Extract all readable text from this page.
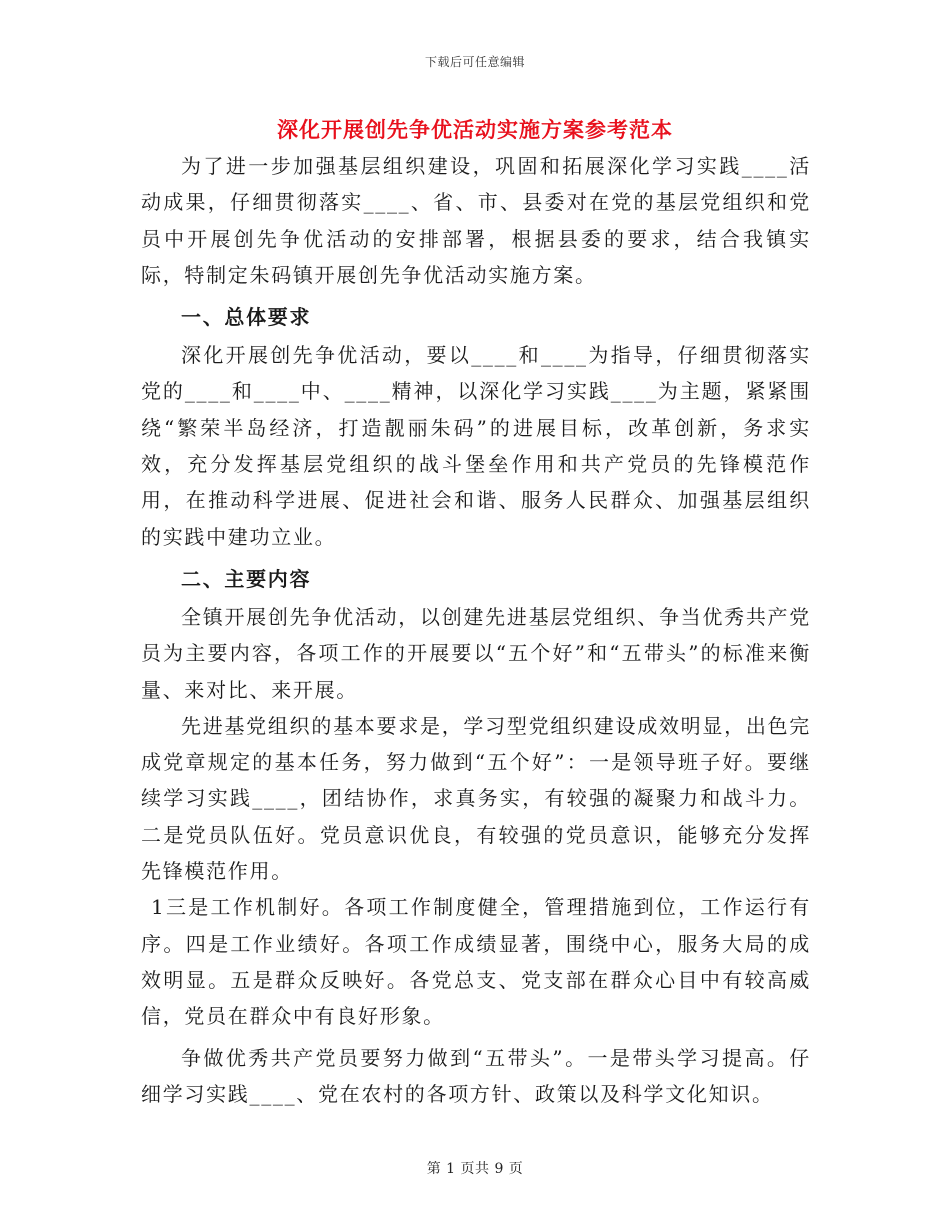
下载后可任意编辑
深化开展创先争优活动实施方案参考范本

为了进一步加强基层组织建设，巩固和拓展深化学习实践____活动成果，仔细贯彻落实____、省、市、县委对在党的基层党组织和党员中开展创先争优活动的安排部署，根据县委的要求，结合我镇实际，特制定朱码镇开展创先争优活动实施方案。

一、总体要求

深化开展创先争优活动，要以____和____为指导，仔细贯彻落实党的____和____中、____精神，以深化学习实践____为主题，紧紧围绕“繁荣半岛经济，打造靓丽朱码”的进展目标，改革创新，务求实效，充分发挥基层党组织的战斗堡垒作用和共产党员的先锋模范作用，在推动科学进展、促进社会和谐、服务人民群众、加强基层组织的实践中建功立业。

二、主要内容

全镇开展创先争优活动，以创建先进基层党组织、争当优秀共产党员为主要内容，各项工作的开展要以“五个好”和“五带头”的标准来衡量、来对比、来开展。

先进基党组织的基本要求是，学习型党组织建设成效明显，出色完成党章规定的基本任务，努力做到“五个好”：一是领导班子好。要继续学习实践____，团结协作，求真务实，有较强的凝聚力和战斗力。二是党员队伍好。党员意识优良，有较强的党员意识，能够充分发挥先锋模范作用。

1三是工作机制好。各项工作制度健全，管理措施到位，工作运行有序。四是工作业绩好。各项工作成绩显著，围绕中心，服务大局的成效明显。五是群众反映好。各党总支、党支部在群众心目中有较高威信，党员在群众中有良好形象。

争做优秀共产党员要努力做到“五带头”。一是带头学习提高。仔细学习实践____、党在农村的各项方针、政策以及科学文化知识。

第 1 页共 9 页
